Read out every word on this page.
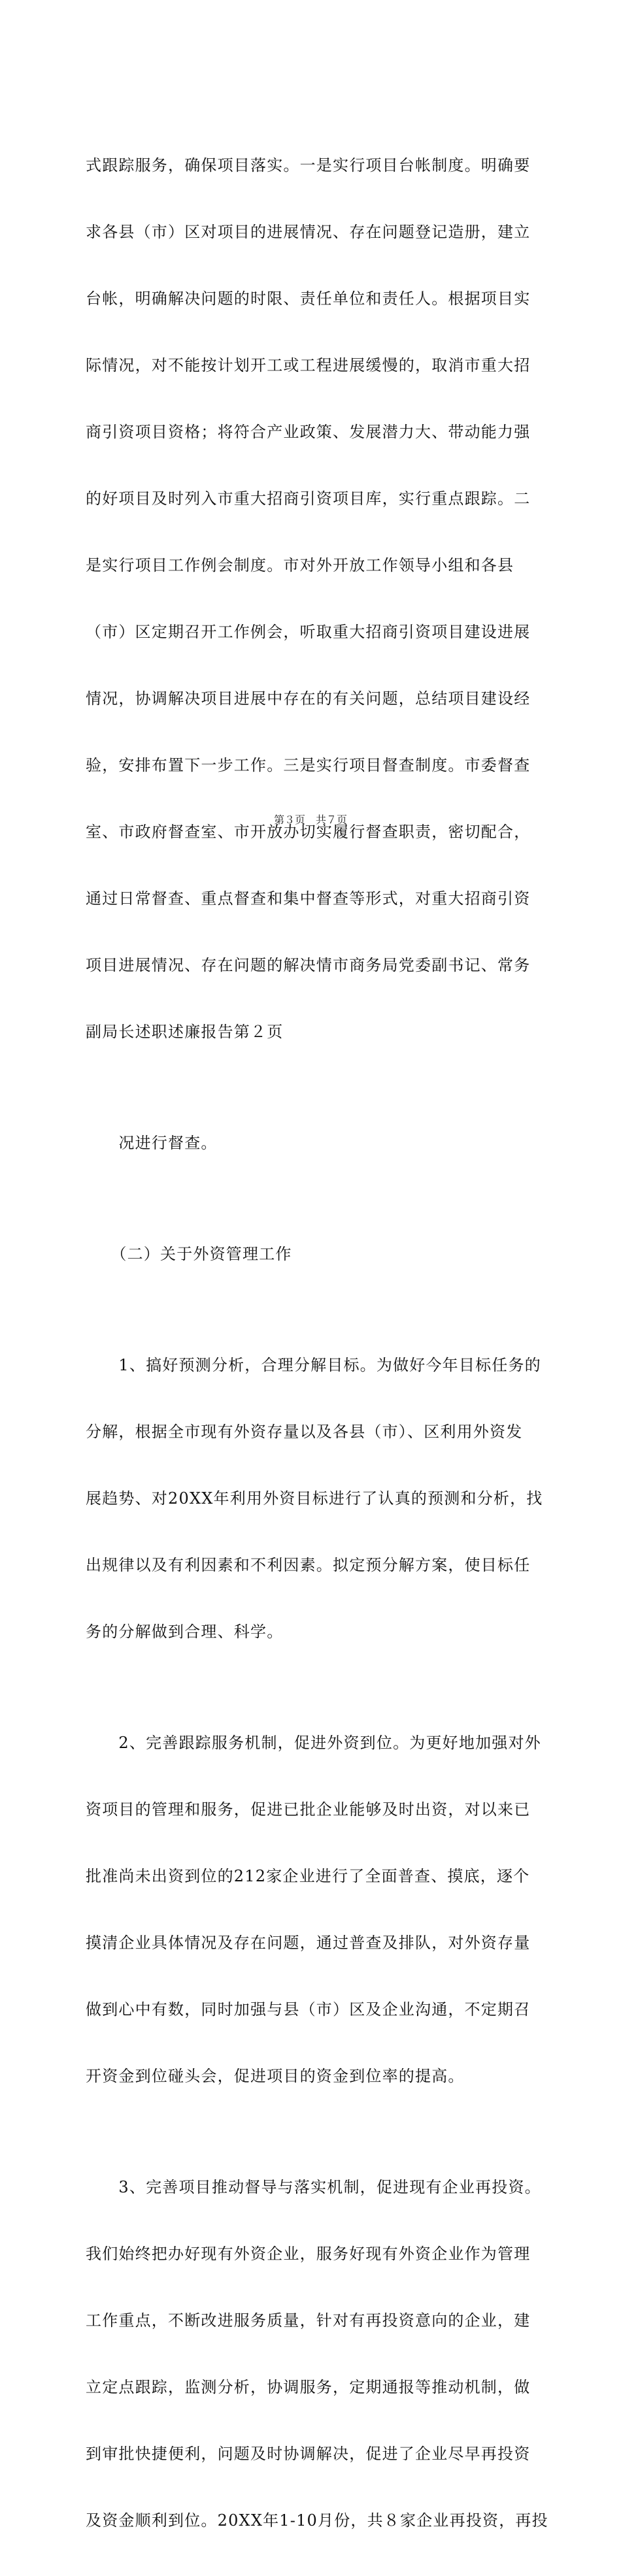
式跟踪服务，确保项目落实。一是实行项目台帐制度。明确要

求各县（市）区对项目的进展情况、存在问题登记造册，建立

台帐，明确解决问题的时限、责任单位和责任人。根据项目实

际情况，对不能按计划开工或工程进展缓慢的，取消市重大招

商引资项目资格；将符合产业政策、发展潜力大、带动能力强

的好项目及时列入市重大招商引资项目库，实行重点跟踪。二

是实行项目工作例会制度。市对外开放工作领导小组和各县

（市）区定期召开工作例会，听取重大招商引资项目建设进展

情况，协调解决项目进展中存在的有关问题，总结项目建设经

验，安排布置下一步工作。三是实行项目督查制度。市委督查

室、市政府督查室、市开放办切实履行督查职责，密切配合，

通过日常督查、重点督查和集中督查等形式，对重大招商引资

项目进展情况、存在问题的解决情市商务局党委副书记、常务

副局长述职述廉报告第２页

　　况进行督查。

　　（二）关于外资管理工作

　　1、搞好预测分析，合理分解目标。为做好今年目标任务的

分解，根据全市现有外资存量以及各县（市）、区利用外资发

展趋势、对20XX年利用外资目标进行了认真的预测和分析，找

出规律以及有利因素和不利因素。拟定预分解方案，使目标任

务的分解做到合理、科学。

　　2、完善跟踪服务机制，促进外资到位。为更好地加强对外

资项目的管理和服务，促进已批企业能够及时出资，对以来已

批准尚未出资到位的212家企业进行了全面普查、摸底，逐个

摸清企业具体情况及存在问题，通过普查及排队，对外资存量

做到心中有数，同时加强与县（市）区及企业沟通，不定期召

开资金到位碰头会，促进项目的资金到位率的提高。

　　3、完善项目推动督导与落实机制，促进现有企业再投资。

我们始终把办好现有外资企业，服务好现有外资企业作为管理

工作重点，不断改进服务质量，针对有再投资意向的企业，建

立定点跟踪，监测分析，协调服务，定期通报等推动机制，做

到审批快捷便利，问题及时协调解决，促进了企业尽早再投资

及资金顺利到位。20XX年1-10月份，共８家企业再投资，再投

第３页　共７页
